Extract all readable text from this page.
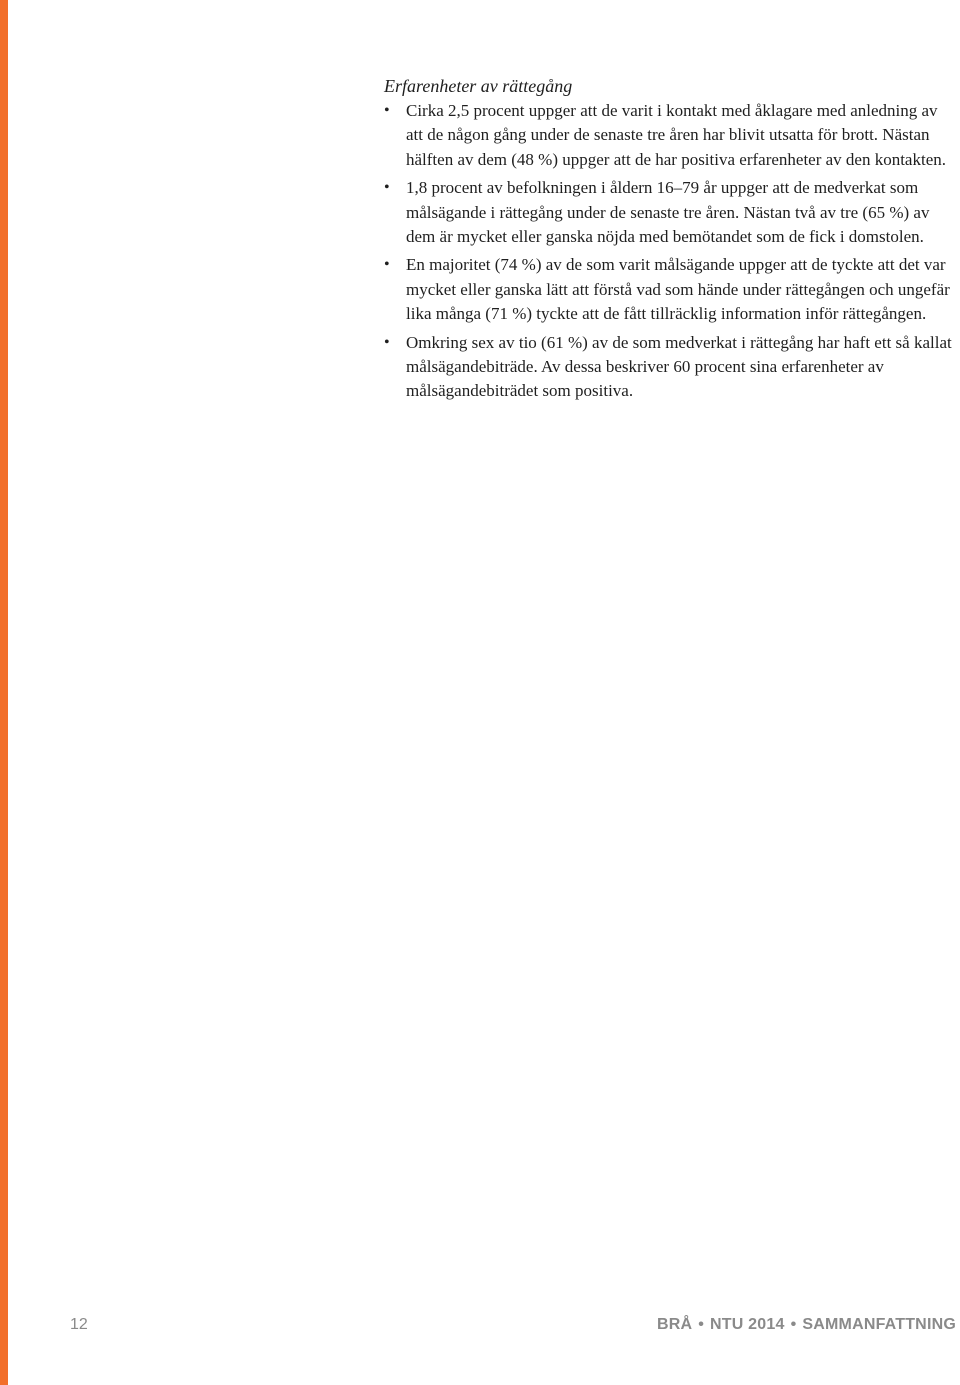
Erfarenheter av rättegång

• Cirka 2,5 procent uppger att de varit i kontakt med åklagare med anledning av att de någon gång under de senaste tre åren har blivit utsatta för brott. Nästan hälften av dem (48 %) uppger att de har positiva erfarenheter av den kontakten.
• 1,8 procent av befolkningen i åldern 16–79 år uppger att de medverkat som målsägande i rättegång under de senaste tre åren. Nästan två av tre (65 %) av dem är mycket eller ganska nöjda med bemötandet som de fick i domstolen.
• En majoritet (74 %) av de som varit målsägande uppger att de tyckte att det var mycket eller ganska lätt att förstå vad som hände under rättegången och ungefär lika många (71 %) tyckte att de fått tillräcklig information inför rättegången.
• Omkring sex av tio (61 %) av de som medverkat i rättegång har haft ett så kallat målsägandebiträde. Av dessa beskriver 60 procent sina erfarenheter av målsägandebiträdet som positiva.
12	BRÅ • NTU 2014 • SAMMANFATTNING
